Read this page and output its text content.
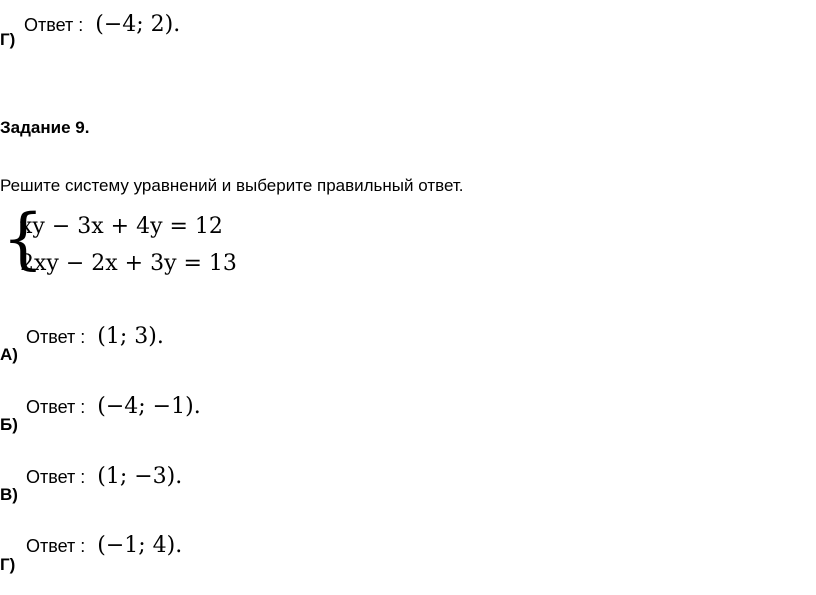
Ответ : (−4; 2).
Г)
Задание 9.
Решите систему уравнений и выберите правильный ответ.
{
xy − 3x + 4y = 12
2xy − 2x + 3y = 13
Ответ : (1; 3).
А)
Ответ : (−4; −1).
Б)
Ответ : (1; −3).
В)
Ответ : (−1; 4).
Г)
